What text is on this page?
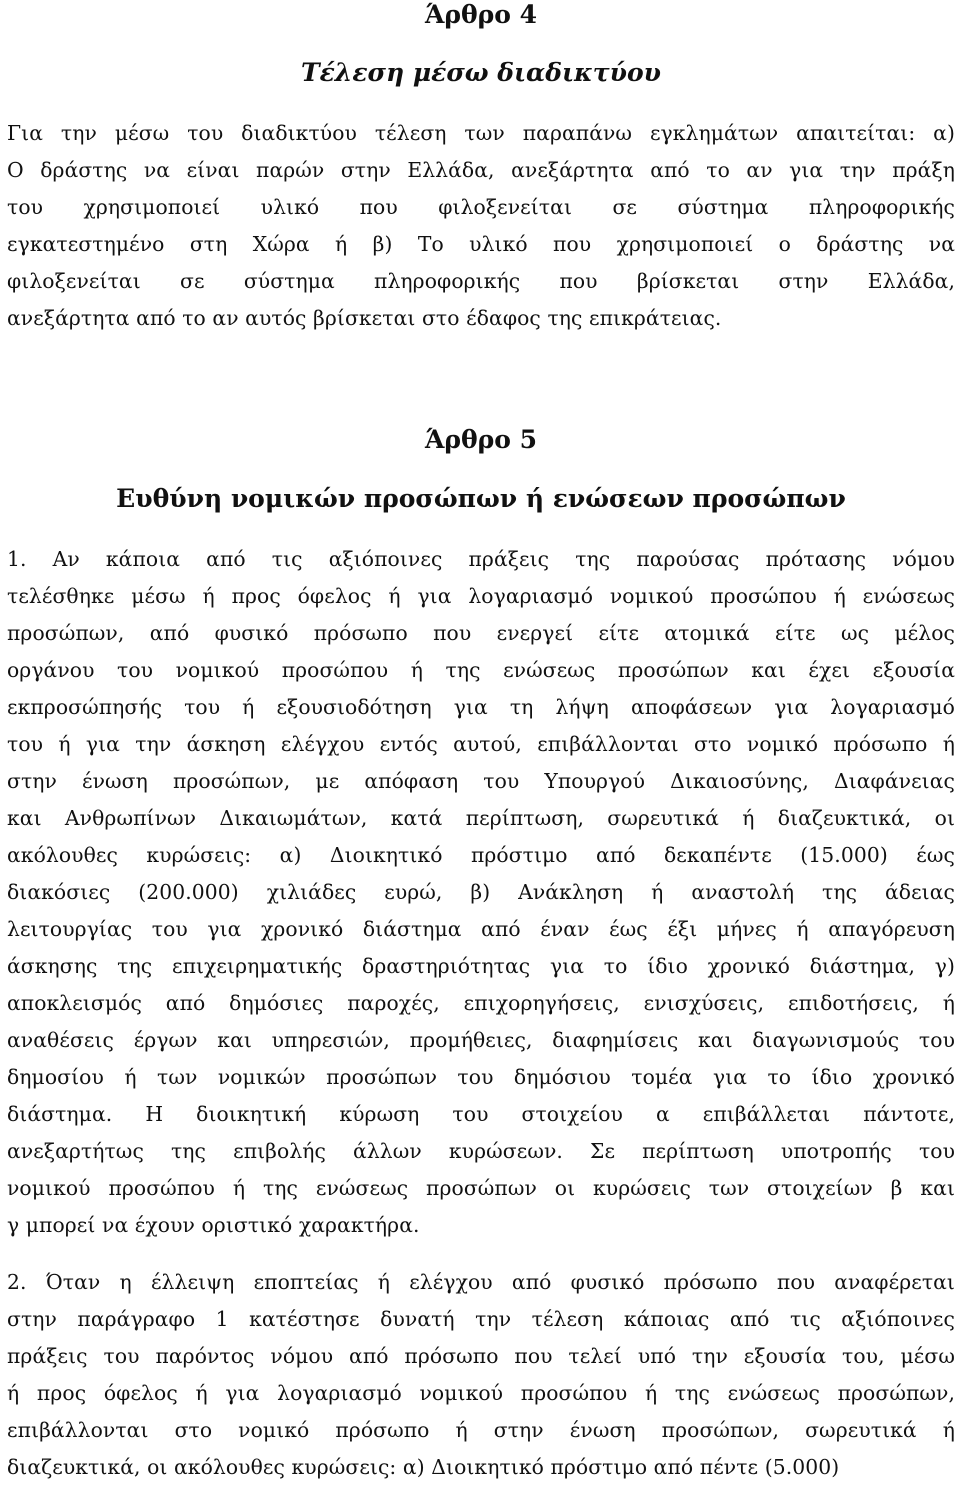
Άρθρο 4
Τέλεση μέσω διαδικτύου
Για την μέσω του διαδικτύου τέλεση των παραπάνω εγκλημάτων απαιτείται: α)
Ο δράστης να είναι παρών στην Ελλάδα, ανεξάρτητα από το αν για την πράξη
του χρησιμοποιεί υλικό που φιλοξενείται σε σύστημα πληροφορικής
εγκατεστημένο στη Χώρα ή β) Το υλικό που χρησιμοποιεί ο δράστης να
φιλοξενείται σε σύστημα πληροφορικής που βρίσκεται στην Ελλάδα,
ανεξάρτητα από το αν αυτός βρίσκεται στο έδαφος της επικράτειας.
Άρθρο 5
Ευθύνη νομικών προσώπων ή ενώσεων προσώπων
1. Αν κάποια από τις αξιόποινες πράξεις της παρούσας πρότασης νόμου
τελέσθηκε μέσω ή προς όφελος ή για λογαριασμό νομικού προσώπου ή ενώσεως
προσώπων, από φυσικό πρόσωπο που ενεργεί είτε ατομικά είτε ως μέλος
οργάνου του νομικού προσώπου ή της ενώσεως προσώπων και έχει εξουσία
εκπροσώπησής του ή εξουσιοδότηση για τη λήψη αποφάσεων για λογαριασμό
του ή για την άσκηση ελέγχου εντός αυτού, επιβάλλονται στο νομικό πρόσωπο ή
στην ένωση προσώπων, με απόφαση του Υπουργού Δικαιοσύνης, Διαφάνειας
και Ανθρωπίνων Δικαιωμάτων, κατά περίπτωση, σωρευτικά ή διαζευκτικά, οι
ακόλουθες κυρώσεις: α) Διοικητικό πρόστιμο από δεκαπέντε (15.000) έως
διακόσιες (200.000) χιλιάδες ευρώ, β) Ανάκληση ή αναστολή της άδειας
λειτουργίας του για χρονικό διάστημα από έναν έως έξι μήνες ή απαγόρευση
άσκησης της επιχειρηματικής δραστηριότητας για το ίδιο χρονικό διάστημα, γ)
αποκλεισμός από δημόσιες παροχές, επιχορηγήσεις, ενισχύσεις, επιδοτήσεις, ή
αναθέσεις έργων και υπηρεσιών, προμήθειες, διαφημίσεις και διαγωνισμούς του
δημοσίου ή των νομικών προσώπων του δημόσιου τομέα για το ίδιο χρονικό
διάστημα. Η διοικητική κύρωση του στοιχείου α επιβάλλεται πάντοτε,
ανεξαρτήτως της επιβολής άλλων κυρώσεων. Σε περίπτωση υποτροπής του
νομικού προσώπου ή της ενώσεως προσώπων οι κυρώσεις των στοιχείων β και
γ μπορεί να έχουν οριστικό χαρακτήρα.
2. Όταν η έλλειψη εποπτείας ή ελέγχου από φυσικό πρόσωπο που αναφέρεται
στην παράγραφο 1 κατέστησε δυνατή την τέλεση κάποιας από τις αξιόποινες
πράξεις του παρόντος νόμου από πρόσωπο που τελεί υπό την εξουσία του, μέσω
ή προς όφελος ή για λογαριασμό νομικού προσώπου ή της ενώσεως προσώπων,
επιβάλλονται στο νομικό πρόσωπο ή στην ένωση προσώπων, σωρευτικά ή
διαζευκτικά, οι ακόλουθες κυρώσεις: α) Διοικητικό πρόστιμο από πέντε (5.000)
